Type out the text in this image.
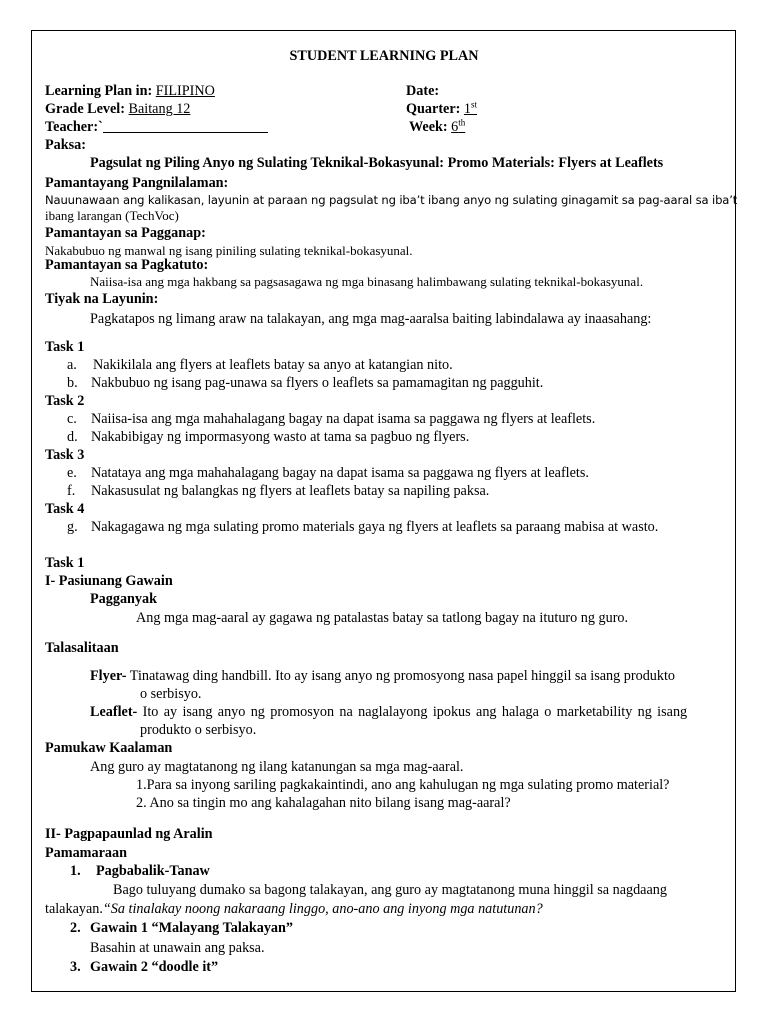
STUDENT LEARNING PLAN
Learning Plan in: FILIPINO
Grade Level: Baitang 12
Teacher:`
Date:
Quarter: 1st
Week: 6th
Paksa:
Pagsulat ng Piling Anyo ng Sulating Teknikal-Bokasyunal: Promo Materials: Flyers at Leaflets
Pamantayang Pangnilalaman:
Nauunawaan ang kalikasan, layunin at paraan ng pagsulat ng iba’t ibang anyo ng sulating ginagamit sa pag-aaral sa iba’t
ibang larangan (TechVoc)
Pamantayan sa Pagganap:
Nakabubuo ng manwal ng isang piniling sulating teknikal-bokasyunal.
Pamantayan sa Pagkatuto:
Naiisa-isa ang mga hakbang sa pagsasagawa ng mga binasang halimbawang sulating teknikal-bokasyunal.
Tiyak na Layunin:
Pagkatapos ng limang araw na talakayan, ang mga mag-aaralsa baiting labindalawa ay inaasahang:
Task 1
a. Nakikilala ang flyers at leaflets batay sa anyo at katangian nito.
b. Nakbubuo ng isang pag-unawa sa flyers o leaflets sa pamamagitan ng pagguhit.
Task 2
c. Naiisa-isa ang mga mahahalagang bagay na dapat isama sa paggawa ng flyers at leaflets.
d. Nakabibigay ng impormasyong wasto at tama sa pagbuo ng flyers.
Task 3
e. Natataya ang mga mahahalagang bagay na dapat isama sa paggawa ng flyers at leaflets.
f. Nakasusulat ng balangkas ng flyers at leaflets batay sa napiling paksa.
Task 4
g. Nakagagawa ng mga sulating promo materials gaya ng flyers at leaflets sa paraang mabisa at wasto.
Task 1
I- Pasiunang Gawain
Pagganyak
Ang mga mag-aaral ay gagawa ng patalastas batay sa tatlong bagay na ituturo ng guro.
Talasalitaan
Flyer- Tinatawag ding handbill. Ito ay isang anyo ng promosyong nasa papel hinggil sa isang produkto
o serbisyo.
Leaflet- Ito ay isang anyo ng promosyon na naglalayong ipokus ang halaga o marketability ng isang
produkto o serbisyo.
Pamukaw Kaalaman
Ang guro ay magtatanong ng ilang katanungan sa mga mag-aaral.
1.Para sa inyong sariling pagkakaintindi, ano ang kahulugan ng mga sulating promo material?
2. Ano sa tingin mo ang kahalagahan nito bilang isang mag-aaral?
II- Pagpapaunlad ng Aralin
Pamamaraan
1. Pagbabalik-Tanaw
Bago tuluyang dumako sa bagong talakayan, ang guro ay magtatanong muna hinggil sa nagdaang
talakayan.“Sa tinalakay noong nakaraang linggo, ano-ano ang inyong mga natutunan?
2. Gawain 1 “Malayang Talakayan”
Basahin at unawain ang paksa.
3. Gawain 2 “doodle it”
